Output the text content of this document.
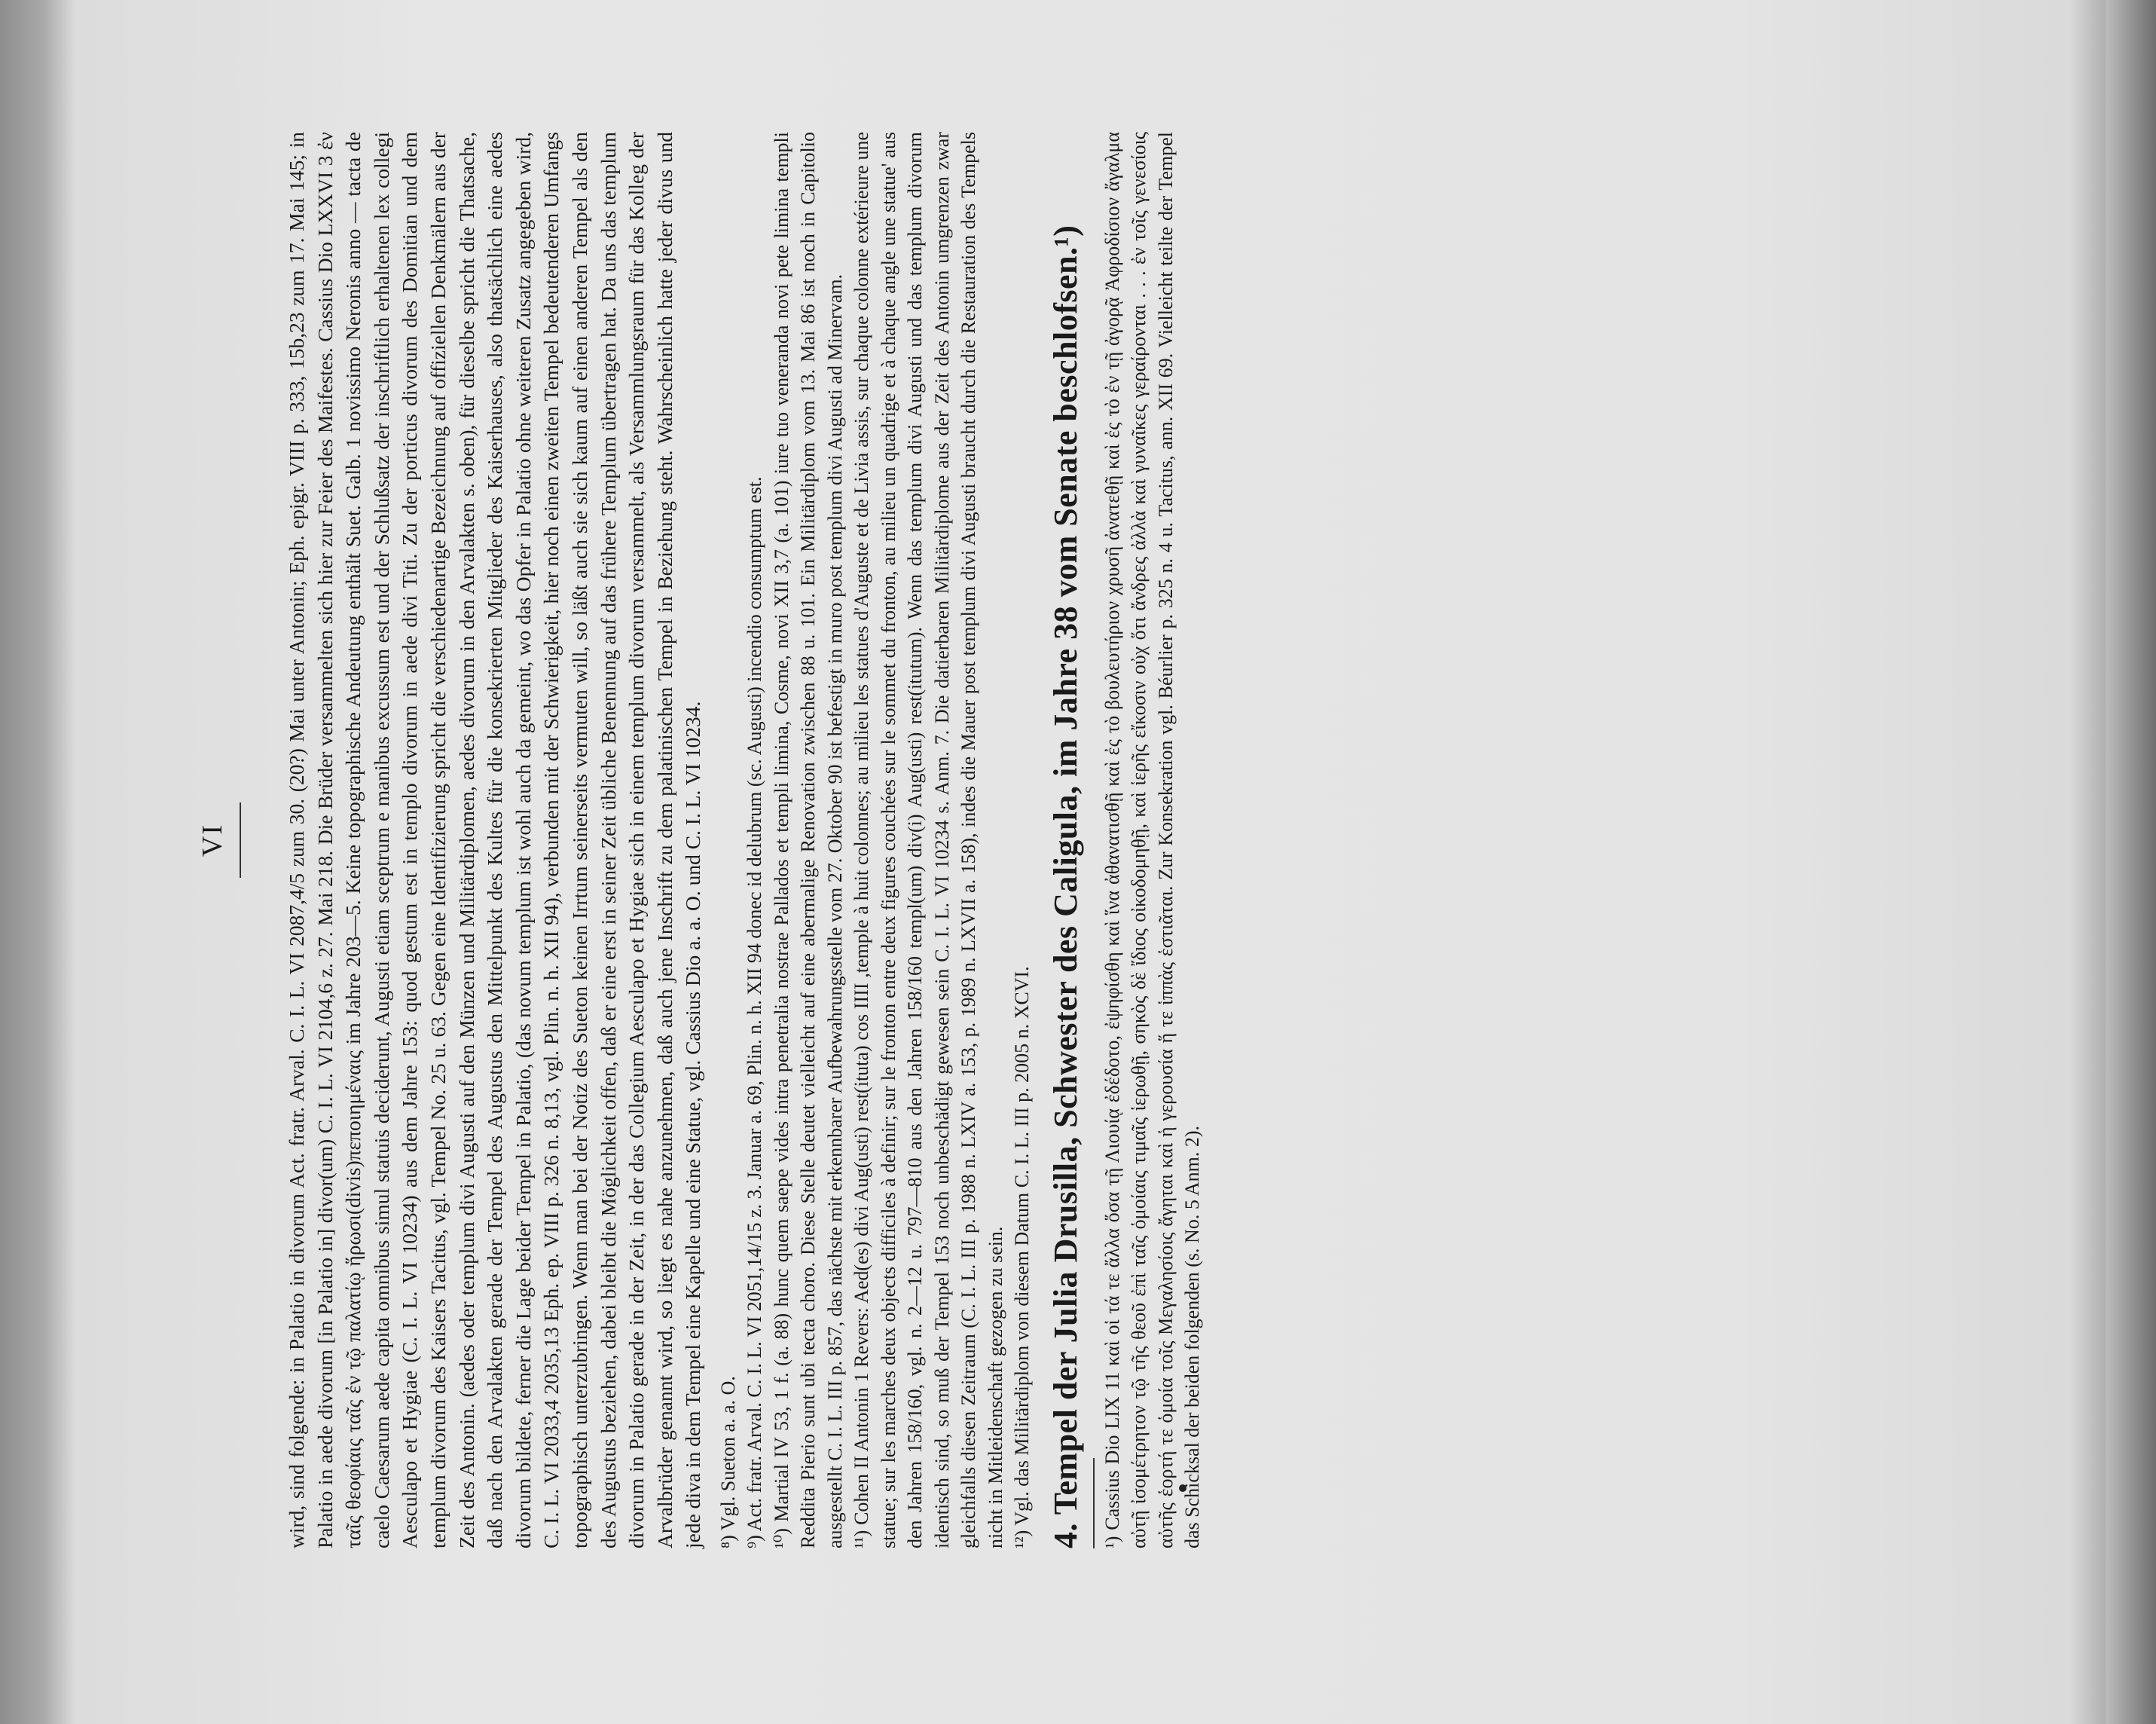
VI	wird, sind folgende: in Palatio in divorum Act. fratr. Arval. C. I. L. VI 2087,4/5 zum 30. (20?) Mai unter Antonin; Eph. epigr. VIII p. 333, 15b,23 zum 17. Mai 145; in Palatio in aede divorum [in Palatio in] divor(um) C. I. L. VI 2104,6 z. 27. Mai 218. Die Brüder versammelten sich hier zur Feier des Maifestes. Cassius Dio LXXVI 3 ἐν ταῖς θεοφίαις ταῖς ἐν τῷ παλατίῳ ἥρωσι(divis)πεποιημέναις im Jahre 203—5. Keine topographische Andeutung enthält Suet. Galb. 1 novissimo Neronis anno — tacta de caelo Caesarum aede capita omnibus simul statuis deciderunt, Augusti etiam sceptrum e manibus excussum est und der Schlußsatz der inschriftlich erhaltenen lex collegi Aesculapo et Hygiae (C. I. L. VI 10234) aus dem Jahre 153: quod gestum est in templo divorum in aede divi Titi. Zu der porticus divorum des Domitian und dem templum divorum des Kaisers Tacitus, vgl. Tempel No. 25 u. 63. Gegen eine Identifizierung spricht die verschiedenartige Bezeichnung auf offiziellen Denkmälern aus der Zeit des Antonin. (aedes oder templum divi Augusti auf den Münzen und Militärdiplomen, aedes divorum in den Arvalakten s. oben), für dieselbe spricht die Thatsache, daß nach den Arvalakten gerade der Tempel des Augustus den Mittelpunkt des Kultes für die konsekrierten Mitglieder des Kaiserhauses, also thatsächlich eine aedes divorum bildete, ferner die Lage beider Tempel in Palatio, (das novum templum ist wohl auch da gemeint, wo das Opfer in Palatio ohne weiteren Zusatz angegeben wird, C. I. L. VI 2033,4 2035,13 Eph. ep. VIII p. 326 n. 8,13, vgl. Plin. n. h. XII 94), verbunden mit der Schwierigkeit, hier noch einen zweiten Tempel bedeutenderen Umfangs topographisch unterzubringen. Wenn man bei der Notiz des Sueton keinen Irrtum seinerseits vermuten will, so läßt auch sie sich kaum auf einen anderen Tempel als den des Augustus beziehen, dabei bleibt die Möglichkeit offen, daß er eine erst in seiner Zeit übliche Benennung auf das frühere Templum übertragen hat. Da uns das templum divorum in Palatio gerade in der Zeit, in der das Collegium Aesculapo et Hygiae sich in einem templum divorum versammelt, als Versammlungsraum für das Kolleg der Arvalbrüder genannt wird, so liegt es nahe anzunehmen, daß auch jene Inschrift zu dem palatinischen Tempel in Beziehung steht. Wahrscheinlich hatte jeder divus und jede diva in dem Tempel eine Kapelle und eine Statue, vgl. Cassius Dio a. a. O. und C. I. L. VI 10234. ⁸) Vgl. Sueton a. a. O. ⁹) Act. fratr. Arval. C. I. L. VI 2051,14/15 z. 3. Januar a. 69, Plin. n. h. XII 94 donec id delubrum (sc. Augusti) incendio consumptum est. ¹⁰) Martial IV 53, 1 f. (a. 88) hunc quem saepe vides intra penetralia nostrae Pallados et templi limina, Cosme, novi XII 3,7 (a. 101) iure tuo veneranda novi pete limina templi Reddita Pierio sunt ubi tecta choro. Diese Stelle deutet vielleicht auf eine abermalige Renovation zwischen 88 u. 101. Ein Militärdiplom vom 13. Mai 86 ist noch in Capitolio ausgestellt C. I. L. III p. 857, das nächste mit erkennbarer Aufbewahrungsstelle vom 27. Oktober 90 ist befestigt in muro post templum divi Augusti ad Minervam. ¹¹) Cohen II Antonin 1 Revers: Aed(es) divi Aug(usti) rest(ituta) cos IIII ,temple à huit colonnes; au milieu les statues d'Auguste et de Livia assis, sur chaque colonne extérieure une statue; sur les marches deux objects difficiles à definir; sur le fronton entre deux figures couchées sur le sommet du fronton, au milieu un quadrige et à chaque angle une statue' aus den Jahren 158/160, vgl. n. 2—12 u. 797—810 aus den Jahren 158/160 templ(um) div(i) Aug(usti) rest(itutum). Wenn das templum divi Augusti und das templum divorum identisch sind, so muß der Tempel 153 noch unbeschädigt gewesen sein C. I. L. VI 10234 s. Anm. 7. Die datierbaren Militärdiplome aus der Zeit des Antonin umgrenzen zwar gleichfalls diesen Zeitraum (C. I. L. III p. 1988 n. LXIV a. 153, p. 1989 n. LXVII a. 158), indes die Mauer post templum divi Augusti braucht durch die Restauration des Tempels nicht in Mitleidenschaft gezogen zu sein. ¹²) Vgl. das Militärdiplom von diesem Datum C. I. L. III p. 2005 n. XCVI. 4. Tempel der Julia Drusilla, Schwester des Caligula, im Jahre 38 vom Senate beschlofsen.¹) ¹) Cassius Dio LIX 11 καὶ οἱ τά τε ἄλλα ὅσα τῇ Λιουίᾳ ἐδέδοτο, ἐψηφίσθη καὶ ἵνα ἀθανατισθῇ καὶ ἐς τὸ βουλευτήριον χρυσῆ ἀνατεθῇ καὶ ἐς τὸ ἐν τῇ ἀγορᾷ Ἀφροδίσιον ἄγαλμα αὐτῇ ἰσομέτρητον τῷ τῆς θεοῦ ἐπὶ ταῖς ὁμοίαις τιμαῖς ἱερωθῇ, σηκὸς δὲ ἴδιος οἰκοδομηθῇ, καὶ ἱερῆς εἴκοσιν οὐχ ὅτι ἄνδρες ἀλλὰ καὶ γυναῖκες γεραίρονται . . . ἐν τοῖς γενεσίοις αὐτῆς ἑορτή τε ὁμοία τοῖς Μεγαλησίοις ἄγηται καὶ ἡ γερουσία ἥ τε ἱππὰς ἑστιᾶται. Zur Konsekration vgl. Béurlier p. 325 n. 4 u. Tacitus, ann. XII 69. Vielleicht teilte der Tempel das Schicksal der beiden folgenden (s. No. 5 Anm. 2).
